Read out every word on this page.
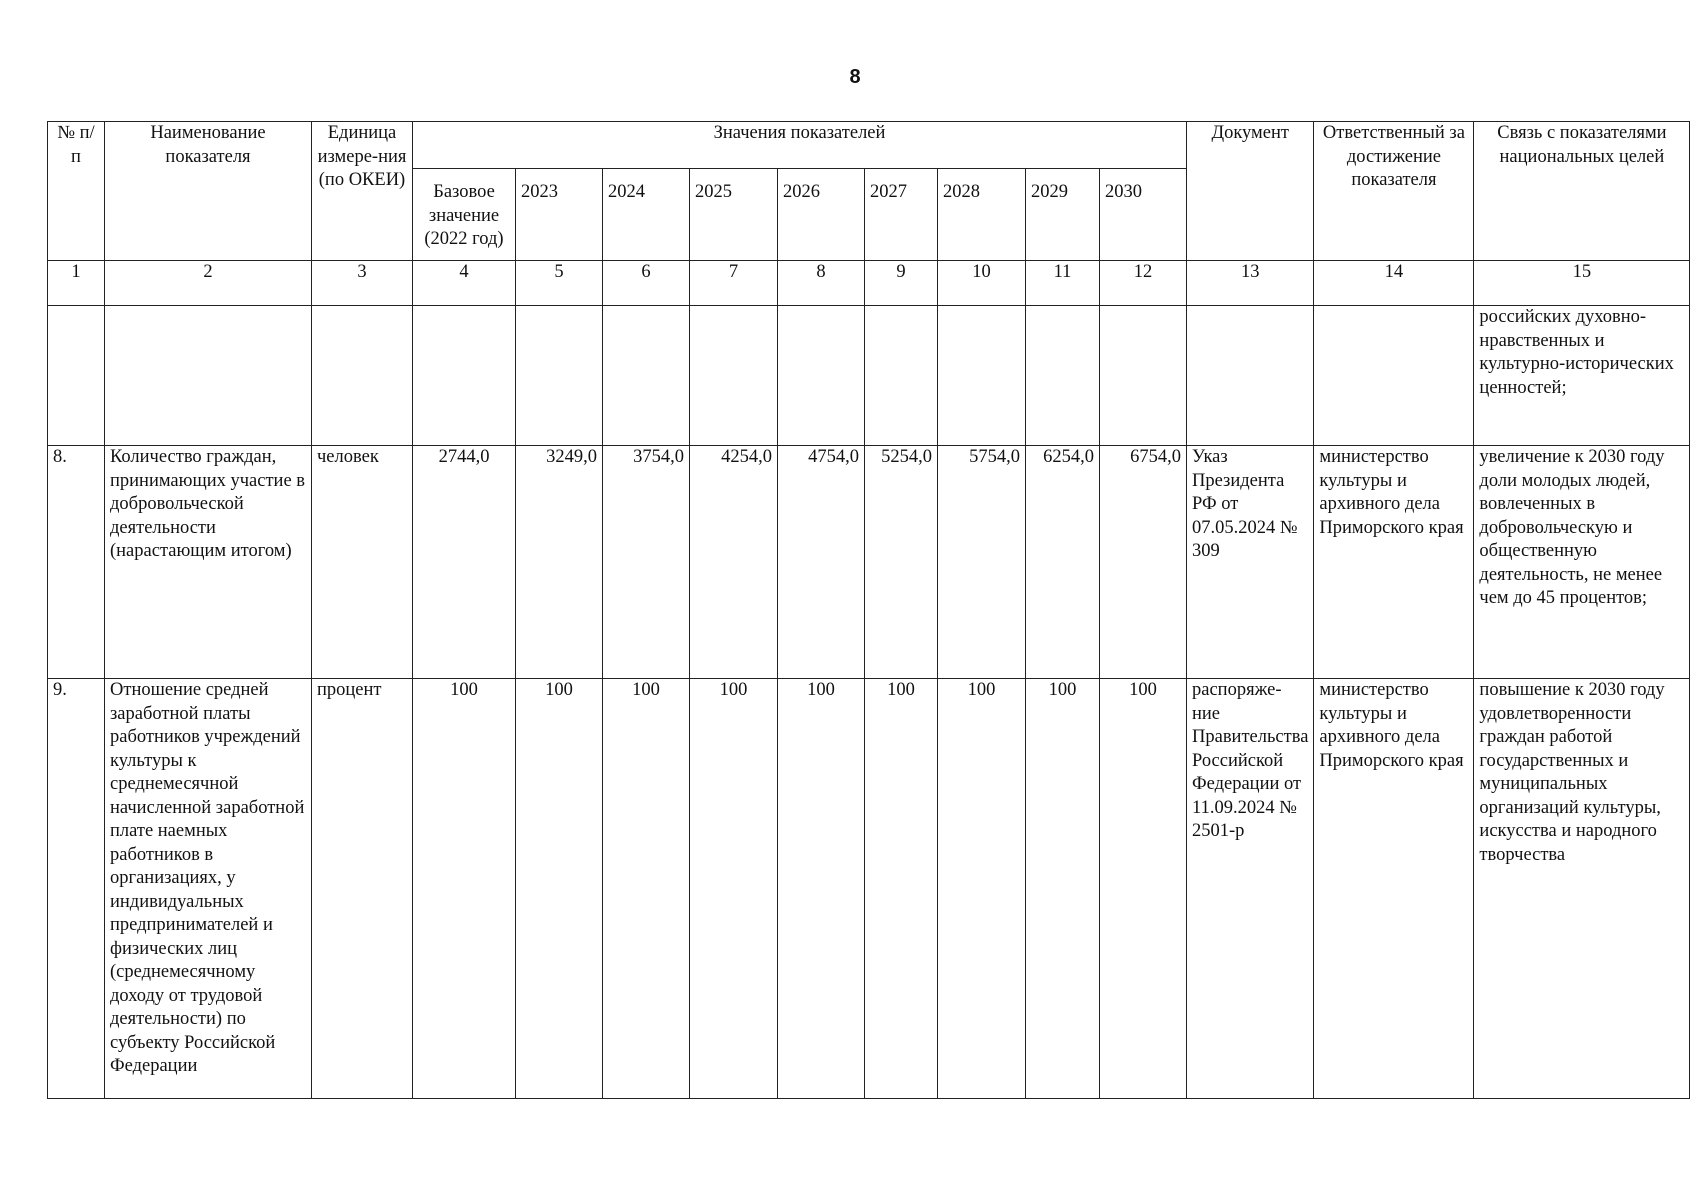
8
№ п/п	Наименование показателя	Единица измере-ния (по ОКЕИ)	Значения показателей									Документ	Ответственный за достижение показателя	Связь с показателями национальных целей
			Базовое значение (2022 год)	2023	2024	2025	2026	2027	2028	2029	2030			
1	2	3	4	5	6	7	8	9	10	11	12	13	14	15
														российских духовно-нравственных и культурно-исторических ценностей;
8.	Количество граждан, принимающих участие в добровольческой деятельности (нарастающим итогом)	человек	2744,0	3249,0	3754,0	4254,0	4754,0	5254,0	5754,0	6254,0	6754,0	Указ Президента РФ от 07.05.2024 № 309	министерство культуры и архивного дела Приморского края	увеличение к 2030 году доли молодых людей, вовлеченных в добровольческую и общественную деятельность, не менее чем до 45 процентов;
9.	Отношение средней заработной платы работников учреждений культуры к среднемесячной начисленной заработной плате наемных работников в организациях, у индивидуальных предпринимателей и физических лиц (среднемесячному доходу от трудовой деятельности) по субъекту Российской Федерации	процент	100	100	100	100	100	100	100	100	100	распоряже-ние Правительства Российской Федерации от 11.09.2024 № 2501-р	министерство культуры и архивного дела Приморского края	повышение к 2030 году удовлетворенности граждан работой государственных и муниципальных организаций культуры, искусства и народного творчества
